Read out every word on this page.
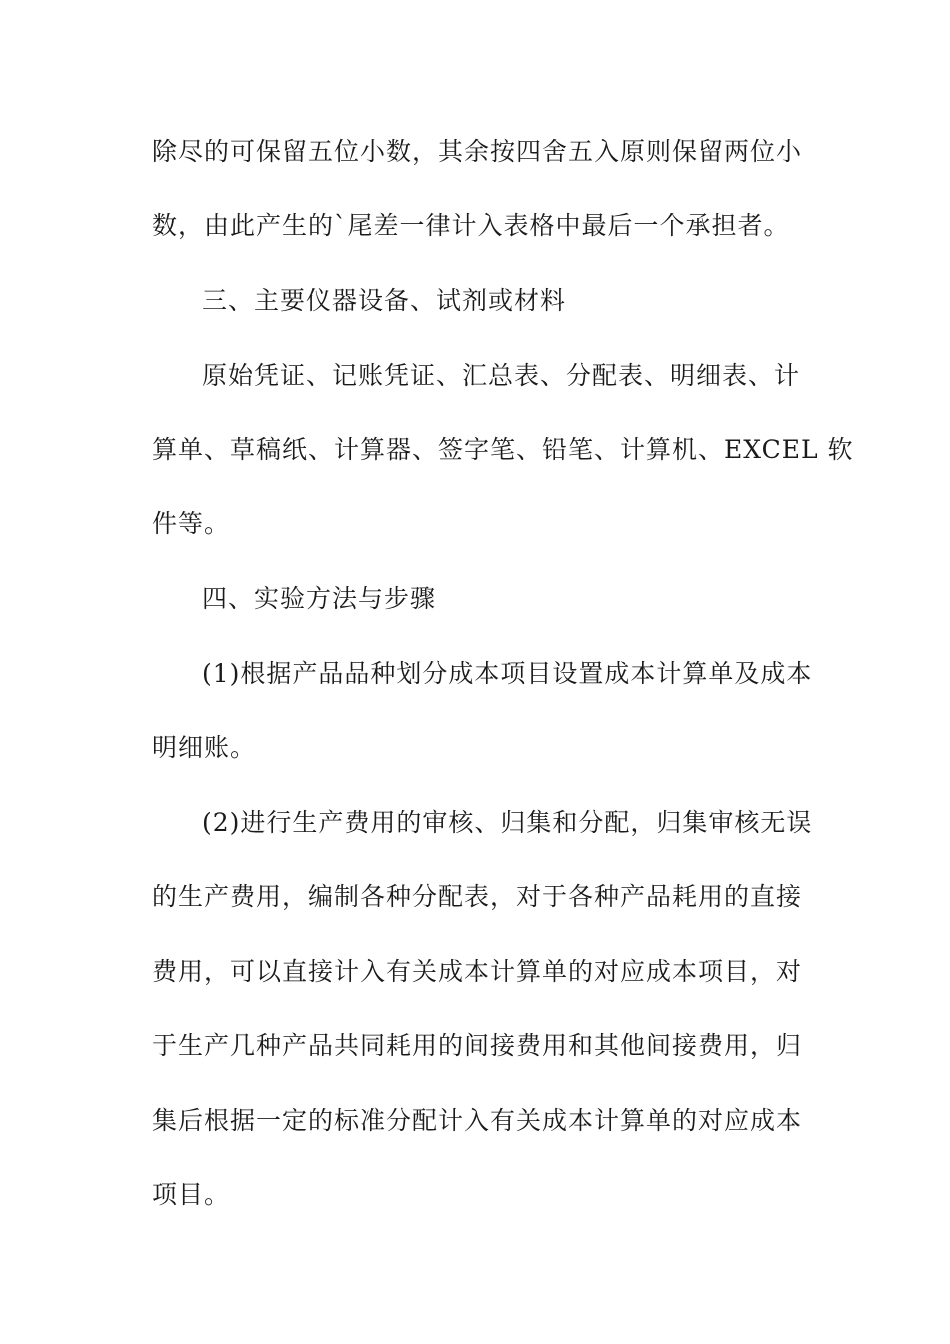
除尽的可保留五位小数，其余按四舍五入原则保留两位小
数，由此产生的`尾差一律计入表格中最后一个承担者。
三、主要仪器设备、试剂或材料
原始凭证、记账凭证、汇总表、分配表、明细表、计
算单、草稿纸、计算器、签字笔、铅笔、计算机、EXCEL 软
件等。
四、实验方法与步骤
(1)根据产品品种划分成本项目设置成本计算单及成本
明细账。
(2)进行生产费用的审核、归集和分配，归集审核无误
的生产费用，编制各种分配表，对于各种产品耗用的直接
费用，可以直接计入有关成本计算单的对应成本项目，对
于生产几种产品共同耗用的间接费用和其他间接费用，归
集后根据一定的标准分配计入有关成本计算单的对应成本
项目。
